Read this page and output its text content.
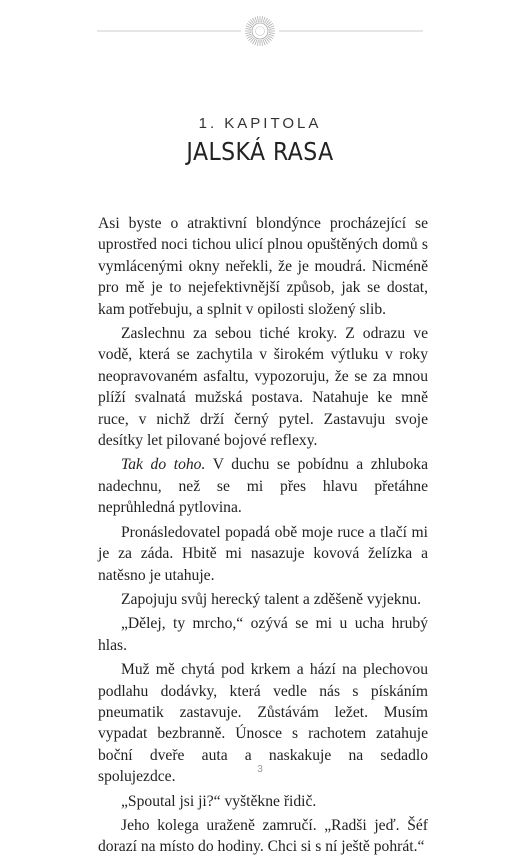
1. KAPITOLA
JALSKÁ RASA

Asi byste o atraktivní blondýnce procházející se uprostřed noci tichou ulicí plnou opuštěných domů s vymlácenými okny neřekli, že je moudrá. Nicméně pro mě je to nejefektivnější způsob, jak se dostat, kam potřebuju, a splnit v opilosti složený slib.

Zaslechnu za sebou tiché kroky. Z odrazu ve vodě, která se zachytila v širokém výtluku v roky neopravovaném asfaltu, vypozoruju, že se za mnou plíží svalnatá mužská postava. Natahuje ke mně ruce, v nichž drží černý pytel. Zastavuju svoje desítky let pilované bojové reflexy.

Tak do toho. V duchu se pobídnu a zhluboka nadechnu, než se mi přes hlavu přetáhne neprůhledná pytlovina.

Pronásledovatel popadá obě moje ruce a tlačí mi je za záda. Hbitě mi nasazuje kovová želízka a natěsno je utahuje.

Zapojuju svůj herecký talent a zděšeně vyjeknu.

„Dělej, ty mrcho,“ ozývá se mi u ucha hrubý hlas.

Muž mě chytá pod krkem a hází na plechovou podlahu dodávky, která vedle nás s pískáním pneumatik zastavuje. Zůstávám ležet. Musím vypadat bezbranně. Únosce s rachotem zatahuje boční dveře auta a naskakuje na sedadlo spolujezdce.

„Spoutal jsi ji?“ vyštěkne řidič.

Jeho kolega uraženě zamručí. „Radši jeď. Šéf dorazí na místo do hodiny. Chci si s ní ještě pohrát.“

3
